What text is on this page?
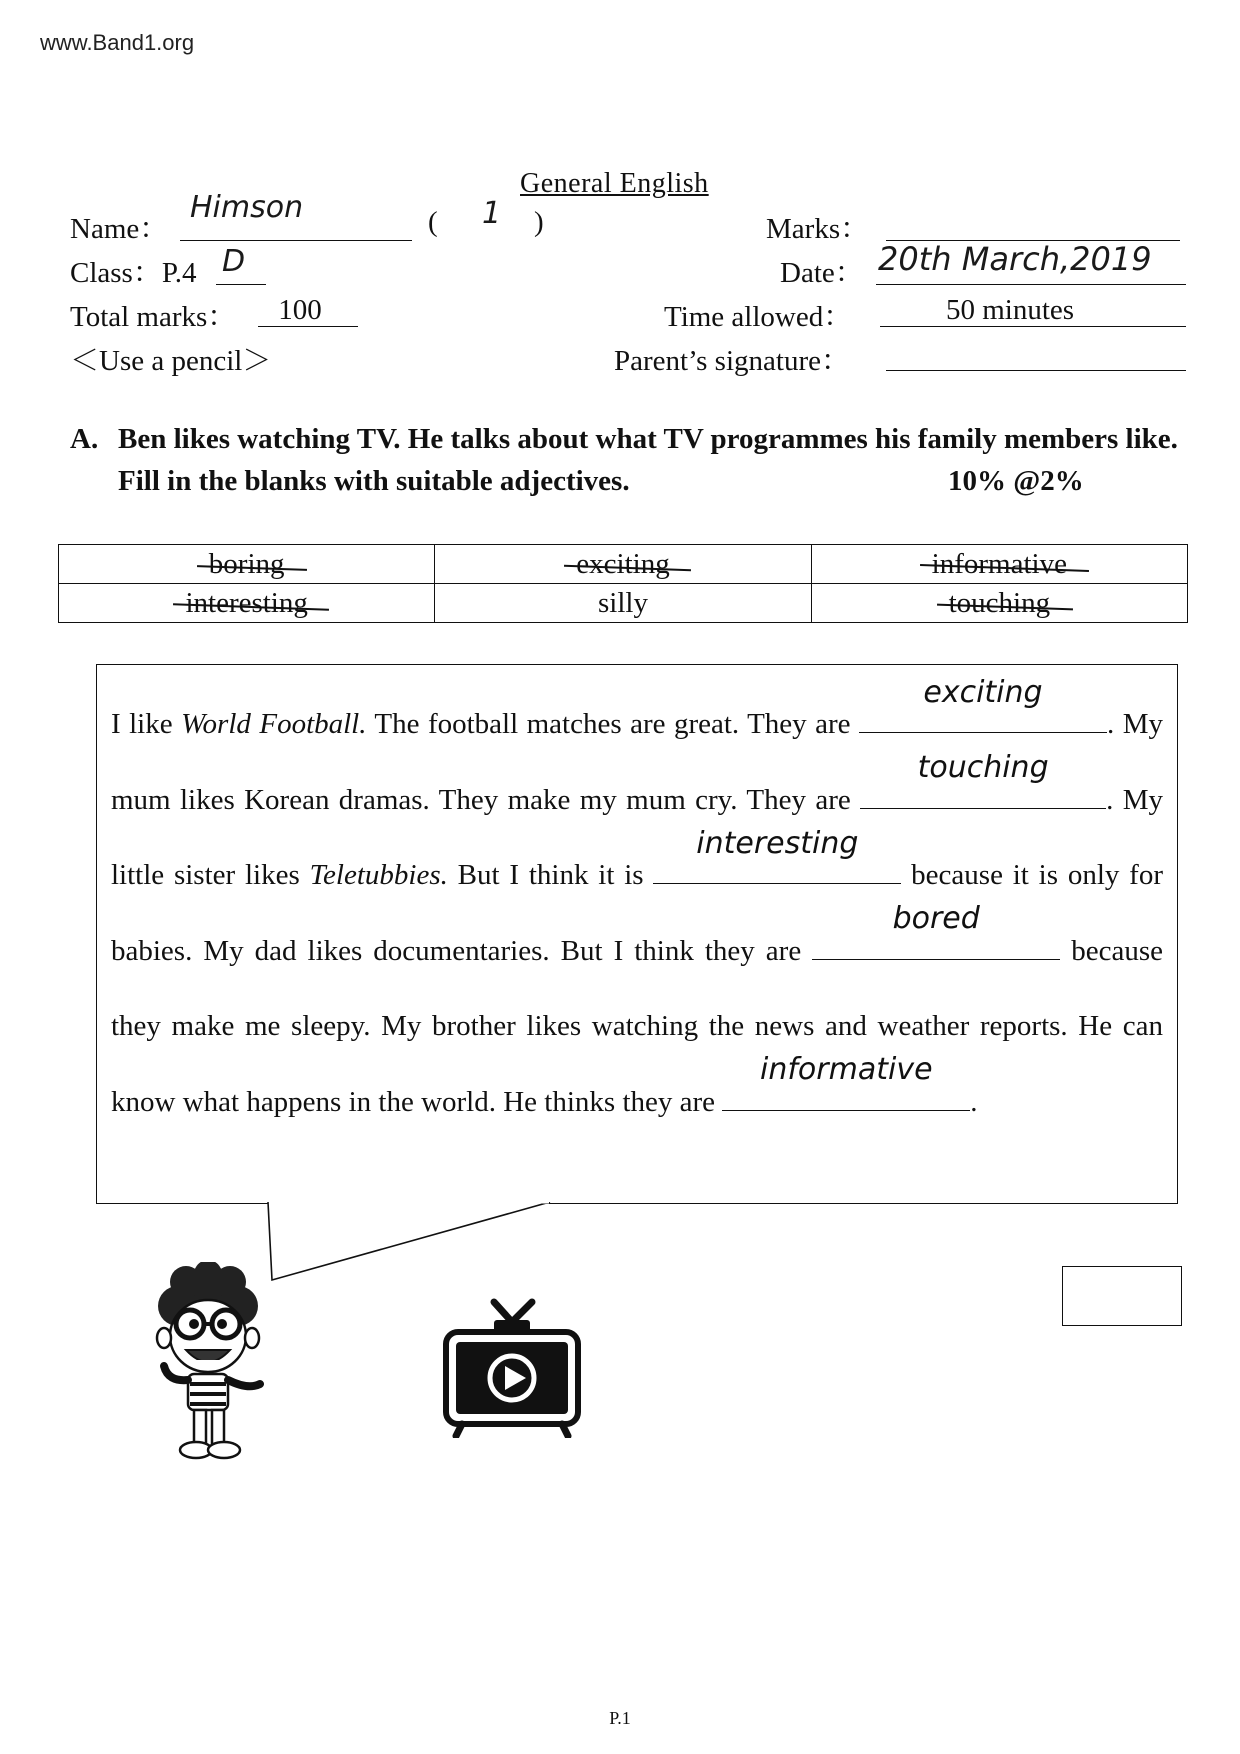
www.Band1.org
General English
Name：
Himson	( 1 )
Class：P.4 D
Total marks：	100
＜Use a pencil＞
Marks：
Date： 20th March,2019
Time allowed：	50 minutes
Parent’s signature：
A. Ben likes watching TV. He talks about what TV programmes his family members like. Fill in the blanks with suitable adjectives.	10% @2%
boring	exciting	informative
interesting	silly	touching
I like World Football. The football matches are great. They are
exciting
. My mum likes Korean dramas. They make my mum cry. They are
touching
. My little sister likes Teletubbies. But I think it is
interesting
because it is only for babies. My dad likes documentaries. But I think they are
bored
because they make me sleepy. My brother likes watching the news and weather reports. He can know what happens in the world. He thinks they are
informative
.
P.1
